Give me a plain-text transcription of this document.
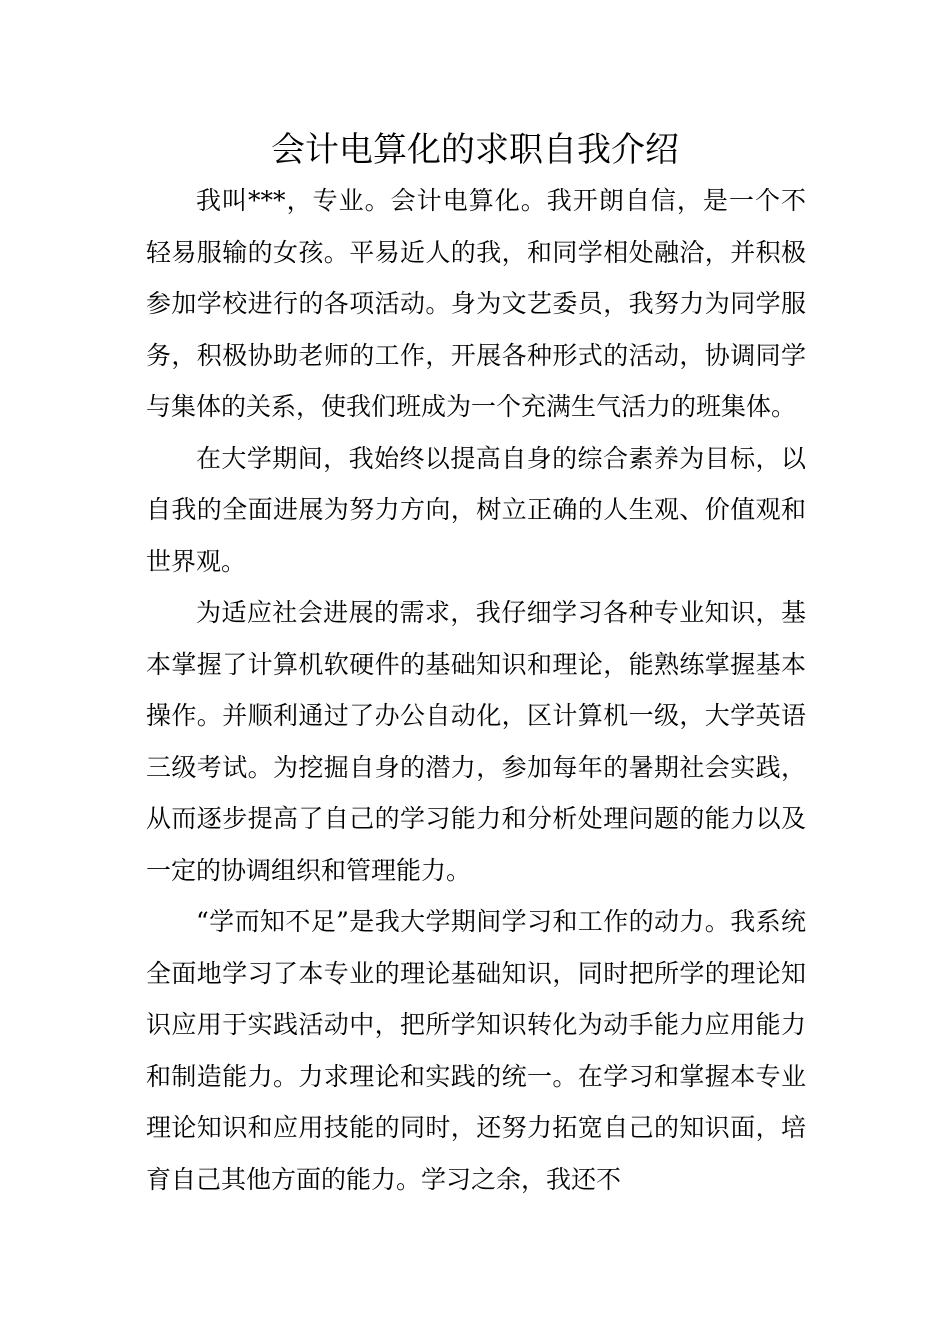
会计电算化的求职自我介绍

我叫***，专业。会计电算化。我开朗自信，是一个不轻易服输的女孩。平易近人的我，和同学相处融洽，并积极参加学校进行的各项活动。身为文艺委员，我努力为同学服务，积极协助老师的工作，开展各种形式的活动，协调同学与集体的关系，使我们班成为一个充满生气活力的班集体。

在大学期间，我始终以提高自身的综合素养为目标，以自我的全面进展为努力方向，树立正确的人生观、价值观和世界观。

为适应社会进展的需求，我仔细学习各种专业知识，基本掌握了计算机软硬件的基础知识和理论，能熟练掌握基本操作。并顺利通过了办公自动化，区计算机一级，大学英语三级考试。为挖掘自身的潜力，参加每年的暑期社会实践，从而逐步提高了自己的学习能力和分析处理问题的能力以及一定的协调组织和管理能力。

“学而知不足”是我大学期间学习和工作的动力。我系统全面地学习了本专业的理论基础知识，同时把所学的理论知识应用于实践活动中，把所学知识转化为动手能力应用能力和制造能力。力求理论和实践的统一。在学习和掌握本专业理论知识和应用技能的同时，还努力拓宽自己的知识面，培育自己其他方面的能力。学习之余，我还不
